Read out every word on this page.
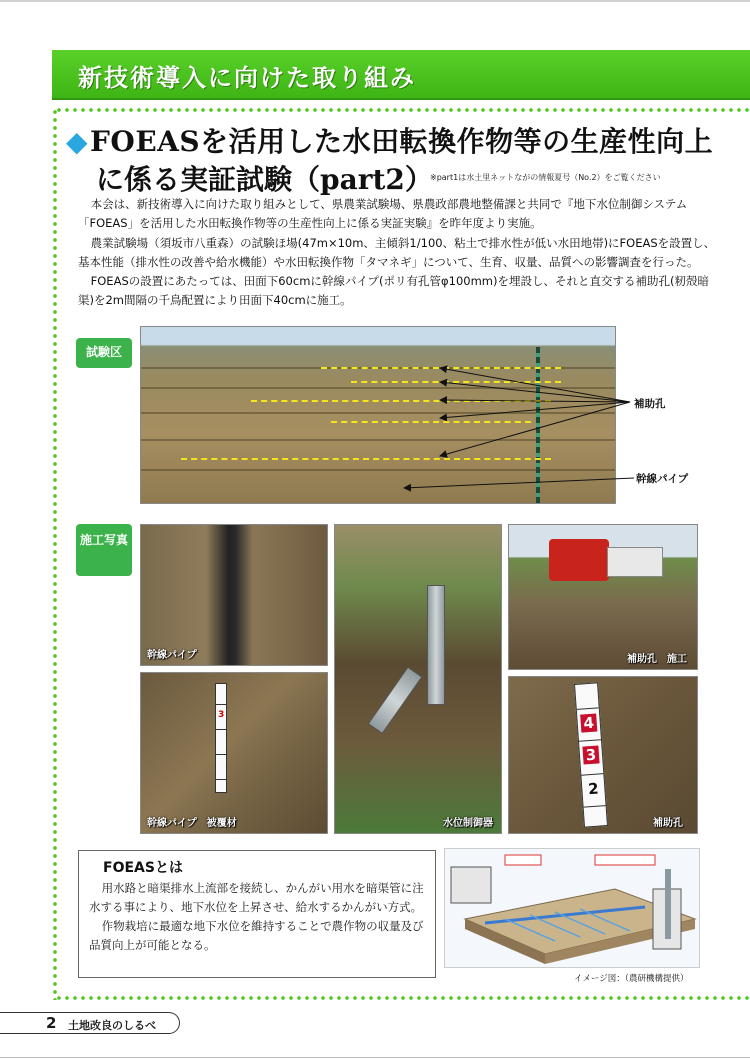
新技術導入に向けた取り組み
◆FOEASを活用した水田転換作物等の生産性向上
に係る実証試験（part2）
※part1は水土里ネットながの情報夏号（No.2）をご覧ください

本会は、新技術導入に向けた取り組みとして、県農業試験場、県農政部農地整備課と共同で『地下水位制御システム「FOEAS」を活用した水田転換作物等の生産性向上に係る実証実験』を昨年度より実施。

農業試験場（須坂市八重森）の試験ほ場(47m×10m、主傾斜1/100、粘土で排水性が低い水田地帯)にFOEASを設置し、基本性能（排水性の改善や給水機能）や水田転換作物「タマネギ」について、生育、収量、品質への影響調査を行った。

FOEASの設置にあたっては、田面下60cmに幹線パイプ(ポリ有孔管φ100mm)を埋設し、それと直交する補助孔(籾殻暗渠)を2m間隔の千鳥配置により田面下40cmに施工。

試験区
施工写真
補助孔
幹線パイプ
幹線パイプ
3
幹線パイプ　被覆材	水位制御器
補助孔　施工
4
3
2
補助孔
FOEASとは

用水路と暗渠排水上流部を接続し、かんがい用水を暗渠管に注水する事により、地下水位を上昇させ、給水するかんがい方式。

作物栽培に最適な地下水位を維持することで農作物の収量及び品質向上が可能となる。

イメージ図：（農研機構提供）
2 土地改良のしるべ
